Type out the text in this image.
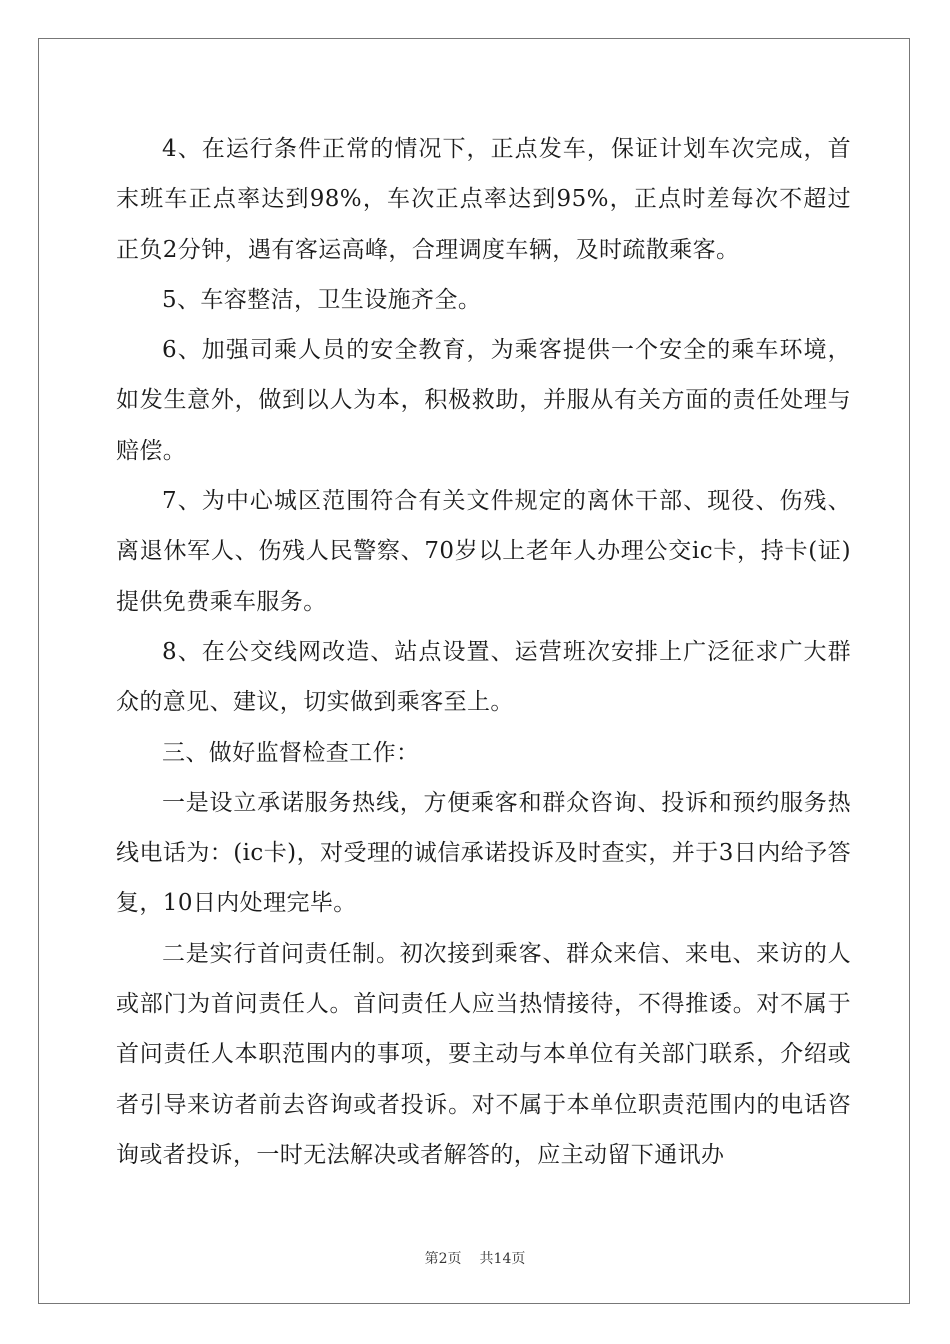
4、在运行条件正常的情况下，正点发车，保证计划车次完成，首末班车正点率达到98%，车次正点率达到95%，正点时差每次不超过正负2分钟，遇有客运高峰，合理调度车辆，及时疏散乘客。

5、车容整洁，卫生设施齐全。

6、加强司乘人员的安全教育，为乘客提供一个安全的乘车环境，如发生意外，做到以人为本，积极救助，并服从有关方面的责任处理与赔偿。

7、为中心城区范围符合有关文件规定的离休干部、现役、伤残、离退休军人、伤残人民警察、70岁以上老年人办理公交ic卡，持卡(证)提供免费乘车服务。

8、在公交线网改造、站点设置、运营班次安排上广泛征求广大群众的意见、建议，切实做到乘客至上。

三、做好监督检查工作：

一是设立承诺服务热线，方便乘客和群众咨询、投诉和预约服务热线电话为：(ic卡)，对受理的诚信承诺投诉及时查实，并于3日内给予答复，10日内处理完毕。

二是实行首问责任制。初次接到乘客、群众来信、来电、来访的人或部门为首问责任人。首问责任人应当热情接待，不得推诿。对不属于首问责任人本职范围内的事项，要主动与本单位有关部门联系，介绍或者引导来访者前去咨询或者投诉。对不属于本单位职责范围内的电话咨询或者投诉，一时无法解决或者解答的，应主动留下通讯办

第2页 共14页
